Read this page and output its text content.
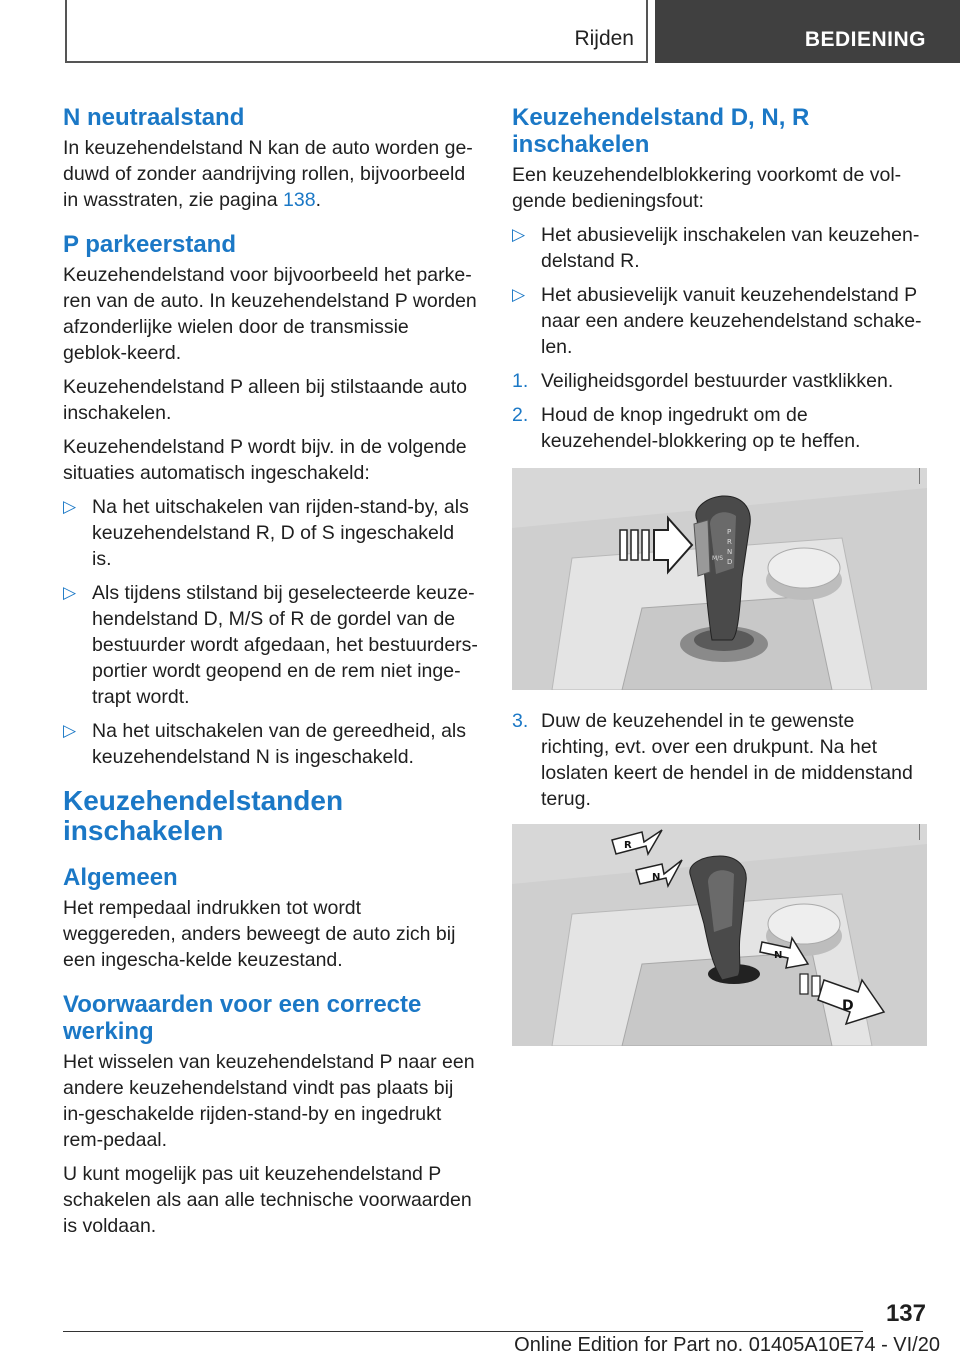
Rijden	BEDIENING
N neutraalstand

In keuzehendelstand N kan de auto worden ge-duwd of zonder aandrijving rollen, bijvoorbeeld in wasstraten, zie pagina 138.

P parkeerstand

Keuzehendelstand voor bijvoorbeeld het parke-ren van de auto. In keuzehendelstand P worden afzonderlijke wielen door de transmissie geblok-keerd.

Keuzehendelstand P alleen bij stilstaande auto inschakelen.

Keuzehendelstand P wordt bijv. in de volgende situaties automatisch ingeschakeld:

▷ Na het uitschakelen van rijden-stand-by, als keuzehendelstand R, D of S ingeschakeld is.
▷ Als tijdens stilstand bij geselecteerde keuze-hendelstand D, M/S of R de gordel van de bestuurder wordt afgedaan, het bestuurders-portier wordt geopend en de rem niet inge-trapt wordt.
▷ Na het uitschakelen van de gereedheid, als keuzehendelstand N is ingeschakeld.
Keuzehendelstanden inschakelen
Algemeen

Het rempedaal indrukken tot wordt weggereden, anders beweegt de auto zich bij een ingescha-kelde keuzestand.

Voorwaarden voor een correcte werking

Het wisselen van keuzehendelstand P naar een andere keuzehendelstand vindt pas plaats bij in-geschakelde rijden-stand-by en ingedrukt rem-pedaal.

U kunt mogelijk pas uit keuzehendelstand P schakelen als aan alle technische voorwaarden is voldaan.

Keuzehendelstand D, N, R inschakelen

Een keuzehendelblokkering voorkomt de vol-gende bedieningsfout:

▷ Het abusievelijk inschakelen van keuzehen-delstand R.
▷ Het abusievelijk vanuit keuzehendelstand P naar een andere keuzehendelstand schake-len.
1. Veiligheidsgordel bestuurder vastklikken.
2. Houd de knop ingedrukt om de keuzehendel-blokkering op te heffen.
P
R
N
D
M/S
3. Duw de keuzehendel in te gewenste richting, evt. over een drukpunt. Na het loslaten keert de hendel in de middenstand terug.
R
N
N
D
137
Online Edition for Part no. 01405A10E74 - VI/20
